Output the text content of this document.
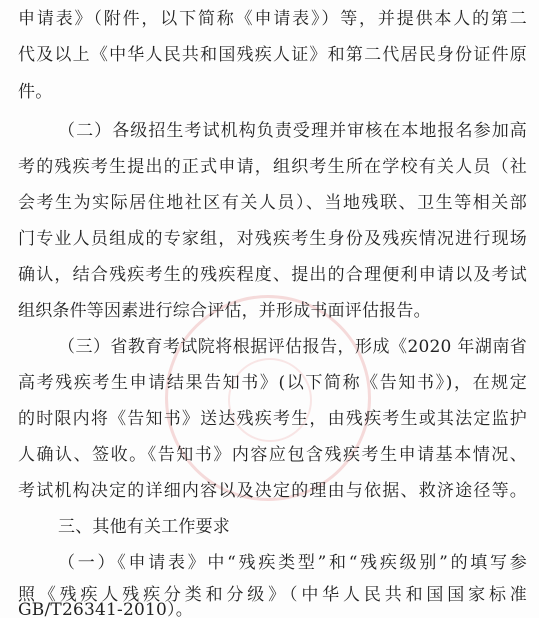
申请表》（附件，以下简称《申请表》）等，并提供本人的第二
代及以上《中华人民共和国残疾人证》和第二代居民身份证件原
件。
（二）各级招生考试机构负责受理并审核在本地报名参加高
考的残疾考生提出的正式申请，组织考生所在学校有关人员（社
会考生为实际居住地社区有关人员）、当地残联、卫生等相关部
门专业人员组成的专家组，对残疾考生身份及残疾情况进行现场
确认，结合残疾考生的残疾程度、提出的合理便利申请以及考试
组织条件等因素进行综合评估，并形成书面评估报告。
（三）省教育考试院将根据评估报告，形成《2020 年湖南省
高考残疾考生申请结果告知书》(以下简称《告知书》)，在规定
的时限内将《告知书》送达残疾考生，由残疾考生或其法定监护
人确认、签收。《告知书》内容应包含残疾考生申请基本情况、
考试机构决定的详细内容以及决定的理由与依据、救济途径等。
三、其他有关工作要求
（一）《申请表》中“残疾类型”和“残疾级别”的填写参
照《残疾人残疾分类和分级》（中华人民共和国国家标准
GB/T26341-2010）。
